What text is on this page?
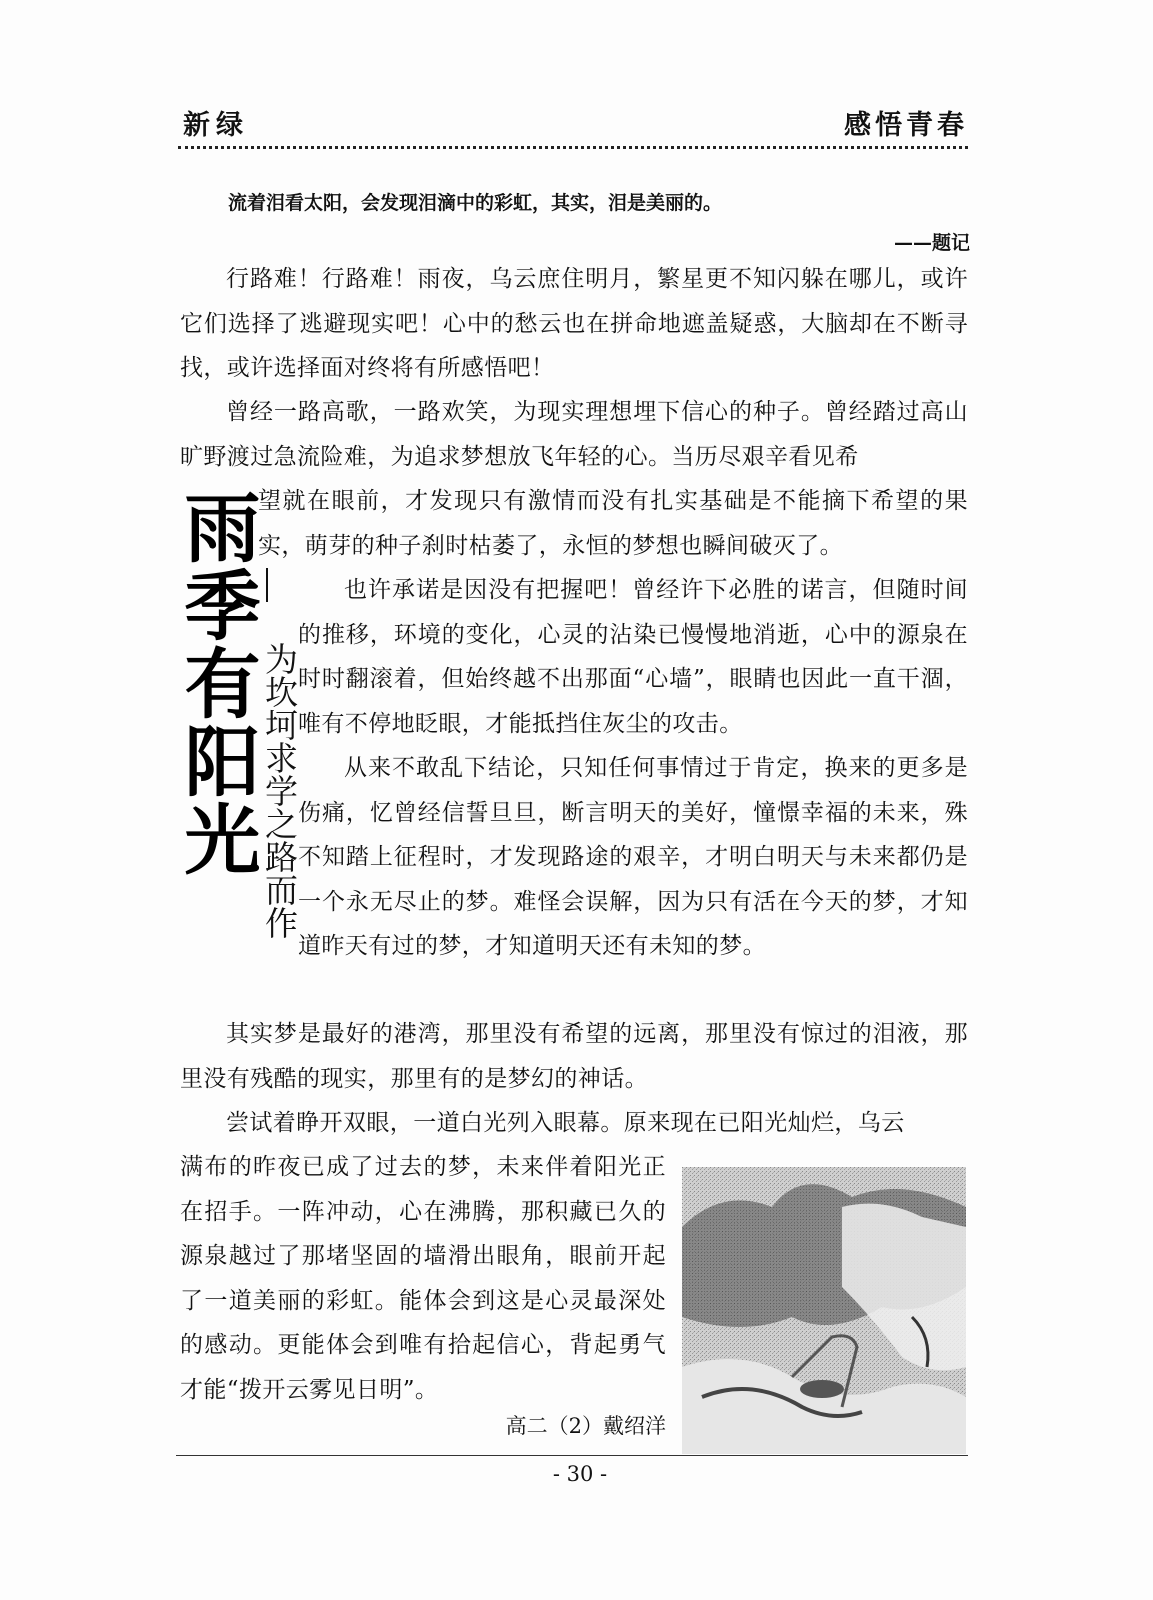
新绿	感悟青春
流着泪看太阳，会发现泪滴中的彩虹，其实，泪是美丽的。
——题记

行路难！行路难！雨夜，乌云庶住明月，繁星更不知闪躲在哪儿，或许它们选择了逃避现实吧！心中的愁云也在拼命地遮盖疑惑，大脑却在不断寻找，或许选择面对终将有所感悟吧！

曾经一路高歌，一路欢笑，为现实理想埋下信心的种子。曾经踏过高山旷野渡过急流险难，为追求梦想放飞年轻的心。当历尽艰辛看见希

望就在眼前，才发现只有激情而没有扎实基础是不能摘下希望的果实，萌芽的种子刹时枯萎了，永恒的梦想也瞬间破灭了。

也许承诺是因没有把握吧！曾经许下必胜的诺言，但随时间的推移，环境的变化，心灵的沾染已慢慢地消逝，心中的源泉在时时翻滚着，但始终越不出那面“心墙”，眼睛也因此一直干涸，唯有不停地眨眼，才能抵挡住灰尘的攻击。

从来不敢乱下结论，只知任何事情过于肯定，换来的更多是伤痛，忆曾经信誓旦旦，断言明天的美好，憧憬幸福的未来，殊不知踏上征程时，才发现路途的艰辛，才明白明天与未来都仍是一个永无尽止的梦。难怪会误解，因为只有活在今天的梦，才知道昨天有过的梦，才知道明天还有未知的梦。

其实梦是最好的港湾，那里没有希望的远离，那里没有惊过的泪液，那里没有残酷的现实，那里有的是梦幻的神话。

尝试着睁开双眼，一道白光列入眼幕。原来现在已阳光灿烂，乌云

满布的昨夜已成了过去的梦，未来伴着阳光正在招手。一阵冲动，心在沸腾，那积藏已久的源泉越过了那堵坚固的墙滑出眼角，眼前开起了一道美丽的彩虹。能体会到这是心灵最深处的感动。更能体会到唯有拾起信心，背起勇气才能“拨开云雾见日明”。

雨季有阳光 为坎坷求学之路而作
高二（2）戴绍洋
- 30 -
